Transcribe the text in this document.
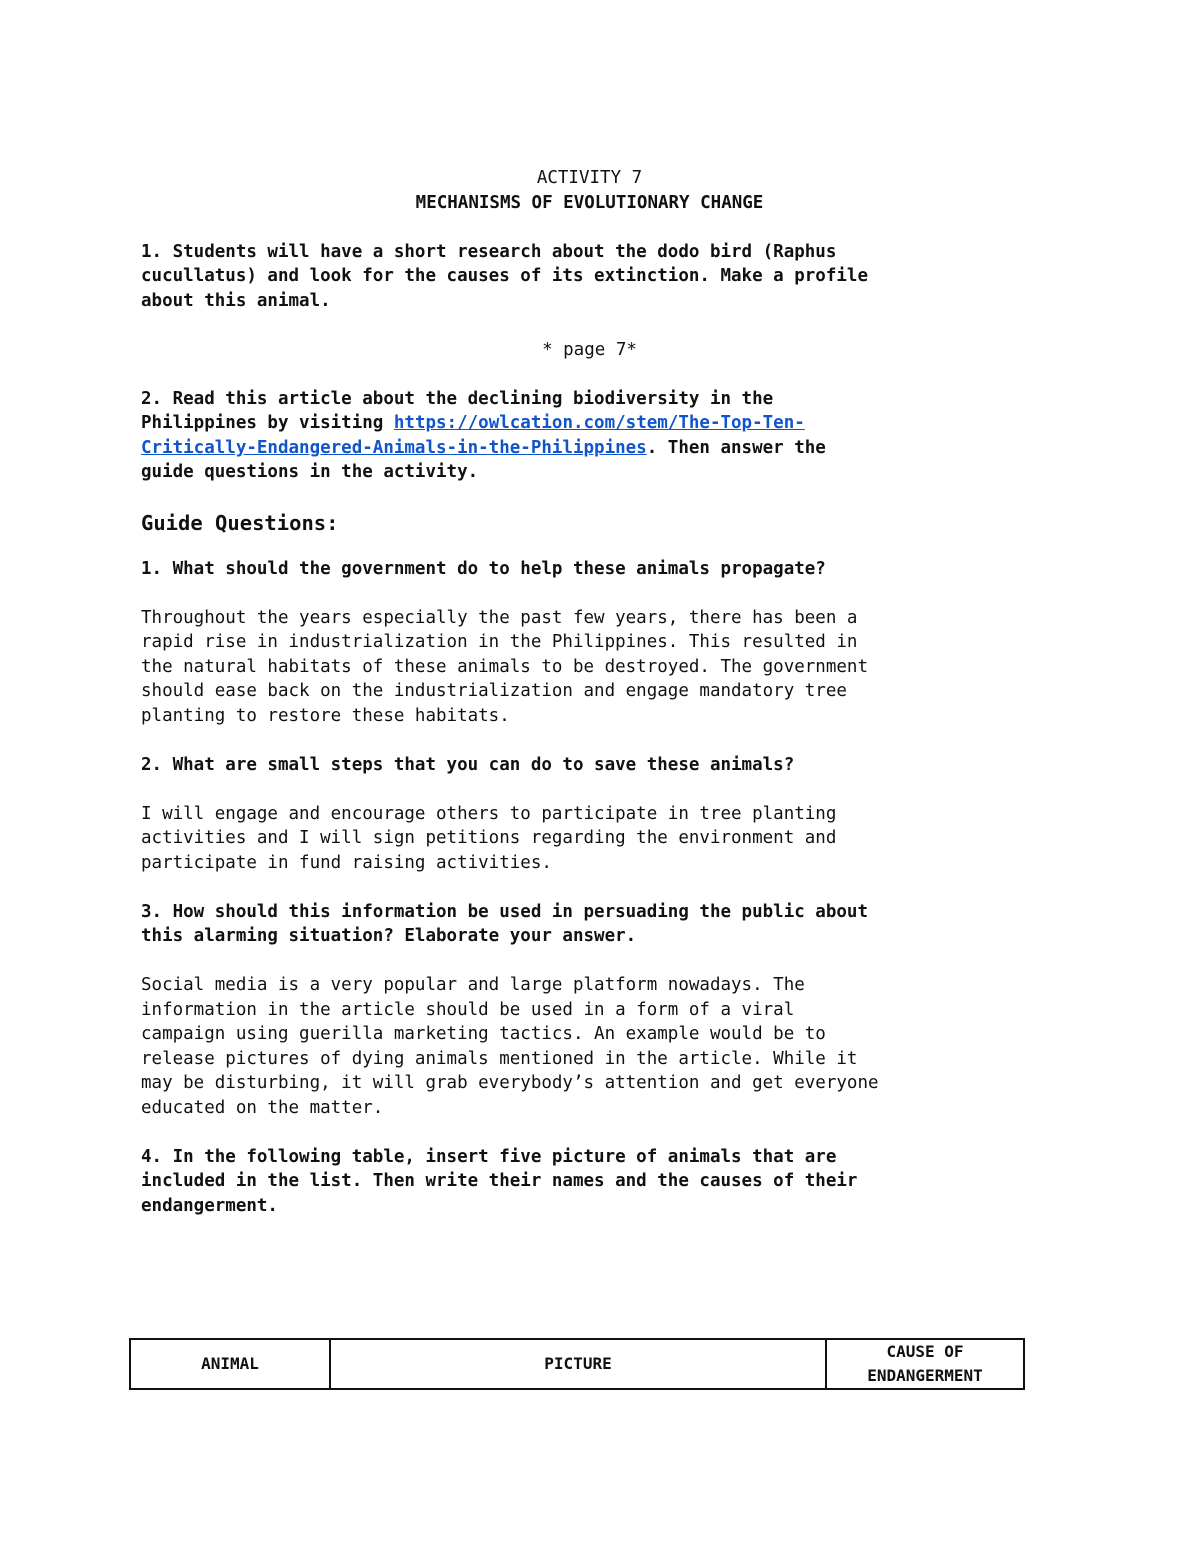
ACTIVITY 7

MECHANISMS OF EVOLUTIONARY CHANGE

1. Students will have a short research about the dodo bird (Raphus

cucullatus) and look for the causes of its extinction. Make a profile

about this animal.

* page 7*

2. Read this article about the declining biodiversity in the

Philippines by visiting https://owlcation.com/stem/The-Top-Ten-

Critically-Endangered-Animals-in-the-Philippines. Then answer the

guide questions in the activity.

Guide Questions:

1. What should the government do to help these animals propagate?

Throughout the years especially the past few years, there has been a

rapid rise in industrialization in the Philippines. This resulted in

the natural habitats of these animals to be destroyed. The government

should ease back on the industrialization and engage mandatory tree

planting to restore these habitats.

2. What are small steps that you can do to save these animals?

I will engage and encourage others to participate in tree planting

activities and I will sign petitions regarding the environment and

participate in fund raising activities.

3. How should this information be used in persuading the public about

this alarming situation? Elaborate your answer.

Social media is a very popular and large platform nowadays. The

information in the article should be used in a form of a viral

campaign using guerilla marketing tactics. An example would be to

release pictures of dying animals mentioned in the article. While it

may be disturbing, it will grab everybody’s attention and get everyone

educated on the matter.

4. In the following table, insert five picture of animals that are

included in the list. Then write their names and the causes of their

endangerment.

ANIMAL	PICTURE	CAUSE OF
ENDANGERMENT
